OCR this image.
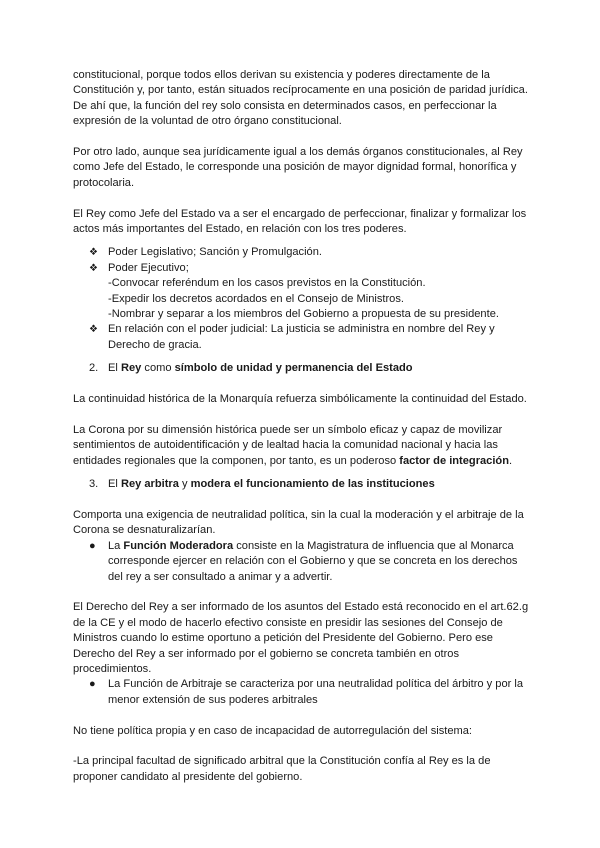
constitucional, porque todos ellos derivan su existencia y poderes directamente de la Constitución y, por tanto, están situados recíprocamente en una posición de paridad jurídica. De ahí que, la función del rey solo consista en determinados casos, en perfeccionar la expresión de la voluntad de otro órgano constitucional.

Por otro lado, aunque sea jurídicamente igual a los demás órganos constitucionales, al Rey como Jefe del Estado, le corresponde una posición de mayor dignidad formal, honorífica y protocolaria.

El Rey como Jefe del Estado va a ser el encargado de perfeccionar, finalizar y formalizar los actos más importantes del Estado, en relación con los tres poderes.

❖ Poder Legislativo; Sanción y Promulgación.
❖ Poder Ejecutivo;
-Convocar referéndum en los casos previstos en la Constitución.
-Expedir los decretos acordados en el Consejo de Ministros.
-Nombrar y separar a los miembros del Gobierno a propuesta de su presidente.
❖ En relación con el poder judicial: La justicia se administra en nombre del Rey y Derecho de gracia.

2. El Rey como símbolo de unidad y permanencia del Estado

La continuidad histórica de la Monarquía refuerza simbólicamente la continuidad del Estado.

La Corona por su dimensión histórica puede ser un símbolo eficaz y capaz de movilizar sentimientos de autoidentificación y de lealtad hacia la comunidad nacional y hacia las entidades regionales que la componen, por tanto, es un poderoso factor de integración.

3. El Rey arbitra y modera el funcionamiento de las instituciones

Comporta una exigencia de neutralidad política, sin la cual la moderación y el arbitraje de la Corona se desnaturalizarían.

● La Función Moderadora consiste en la Magistratura de influencia que al Monarca corresponde ejercer en relación con el Gobierno y que se concreta en los derechos del rey a ser consultado a animar y a advertir.

El Derecho del Rey a ser informado de los asuntos del Estado está reconocido en el art.62.g de la CE y el modo de hacerlo efectivo consiste en presidir las sesiones del Consejo de Ministros cuando lo estime oportuno a petición del Presidente del Gobierno. Pero ese Derecho del Rey a ser informado por el gobierno se concreta también en otros procedimientos.

● La Función de Arbitraje se caracteriza por una neutralidad política del árbitro y por la menor extensión de sus poderes arbitrales

No tiene política propia y en caso de incapacidad de autorregulación del sistema:

-La principal facultad de significado arbitral que la Constitución confía al Rey es la de proponer candidato al presidente del gobierno.
